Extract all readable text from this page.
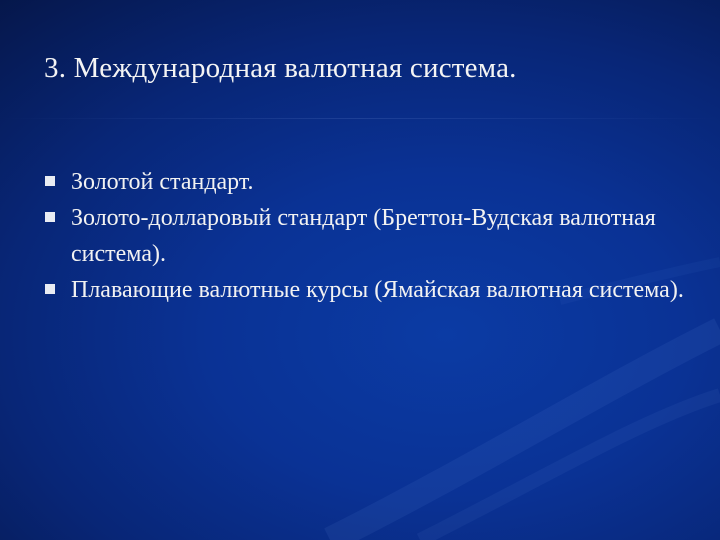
3. Международная валютная система.
Золотой стандарт.
Золото-долларовый стандарт (Бреттон-Вудская валютная система).
Плавающие валютные курсы (Ямайская валютная система).
